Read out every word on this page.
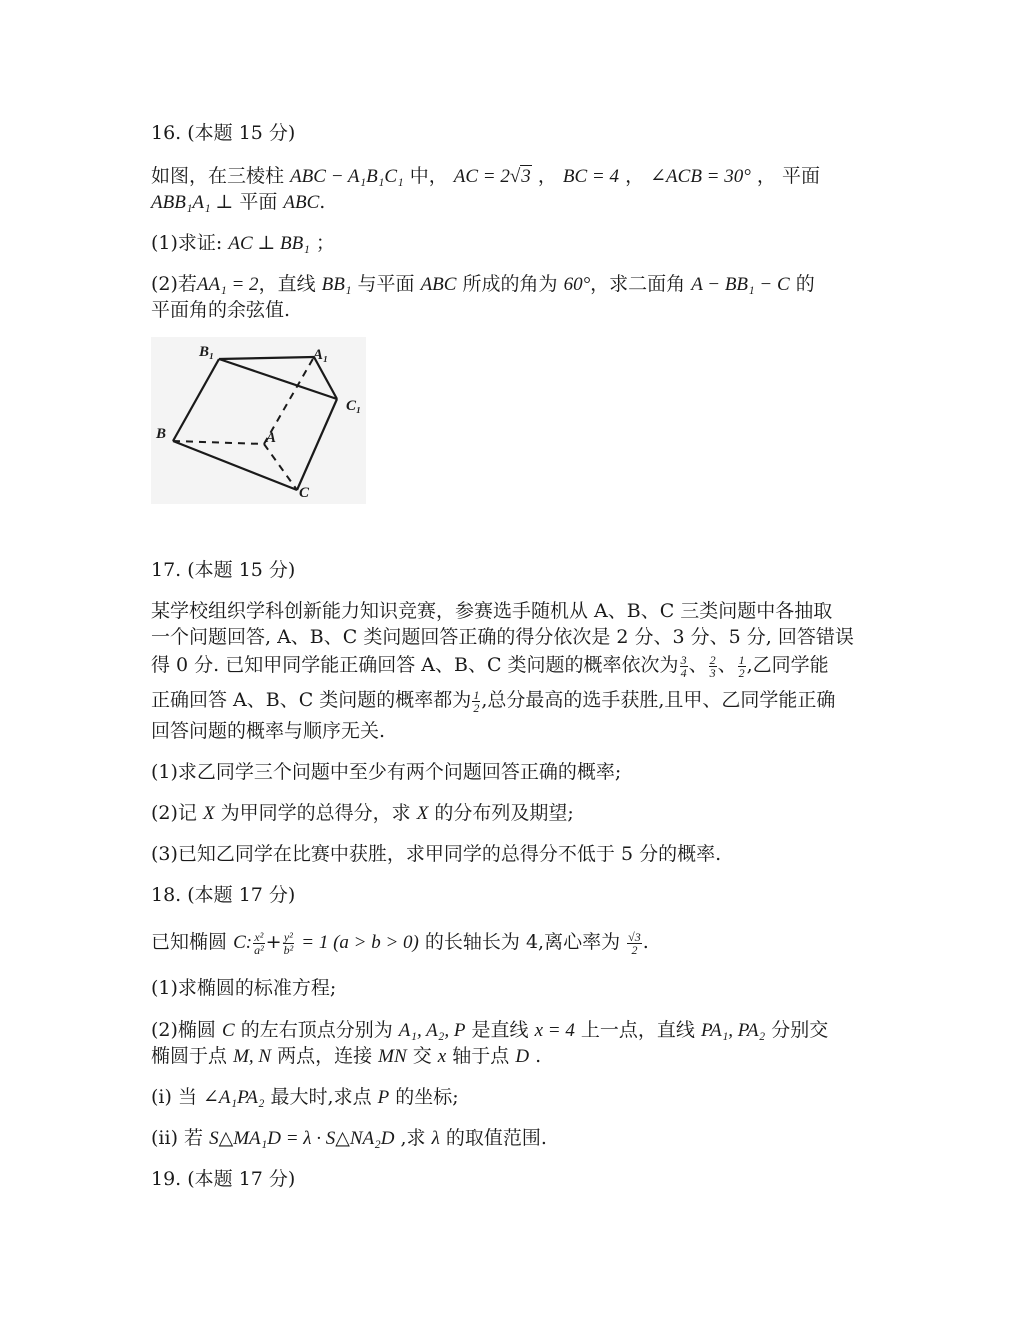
16. (本题 15 分)
如图，在三棱柱 ABC − A₁B₁C₁ 中， AC = 2√3 ， BC = 4 ， ∠ACB = 30° ， 平面
ABB₁A₁ ⊥ 平面 ABC.
(1)求证: AC ⊥ BB₁ ；
(2)若AA₁ = 2，直线 BB₁ 与平面 ABC 所成的角为 60°，求二面角 A − BB₁ − C 的
平面角的余弦值.
17. (本题 15 分)
某学校组织学科创新能力知识竞赛，参赛选手随机从 A、B、C 三类问题中各抽取
一个问题回答, A、B、C 类问题回答正确的得分依次是 2 分、3 分、5 分, 回答错误
得 0 分. 已知甲同学能正确回答 A、B、C 类问题的概率依次为 $\frac{3}{4}$ 、 $\frac{2}{3}$ 、 $\frac{1}{2}$ ,乙同学能
正确回答 A、B、C 类问题的概率都为 $\frac{1}{2}$ ,总分最高的选手获胜,且甲、乙同学能正确
回答问题的概率与顺序无关.
(1)求乙同学三个问题中至少有两个问题回答正确的概率;
(2)记 X 为甲同学的总得分，求 X 的分布列及期望;
(3)已知乙同学在比赛中获胜，求甲同学的总得分不低于 5 分的概率.
18. (本题 17 分)
已知椭圆 C: $\frac{\text{x²}}{\text{a²}} + \frac{\text{y²}}{\text{b²}} = 1$ (a > b > 0) 的长轴长为 4,离心率为 $\frac{√3}{2}$ .
(1)求椭圆的标准方程;
(2)椭圆 C 的左右顶点分别为 A₁, A₂, P 是直线 x = 4 上一点，直线 PA₁, PA₂ 分别交
椭圆于点 M, N 两点，连接 MN 交 x 轴于点 D .
(i) 当 ∠A₁PA₂ 最大时,求点 P 的坐标;
(ii) 若 S△MA₁D = λ · S△NA₂D ,求 λ 的取值范围.
19. (本题 17 分)
B₁	A₁
C₁
B	A
C
